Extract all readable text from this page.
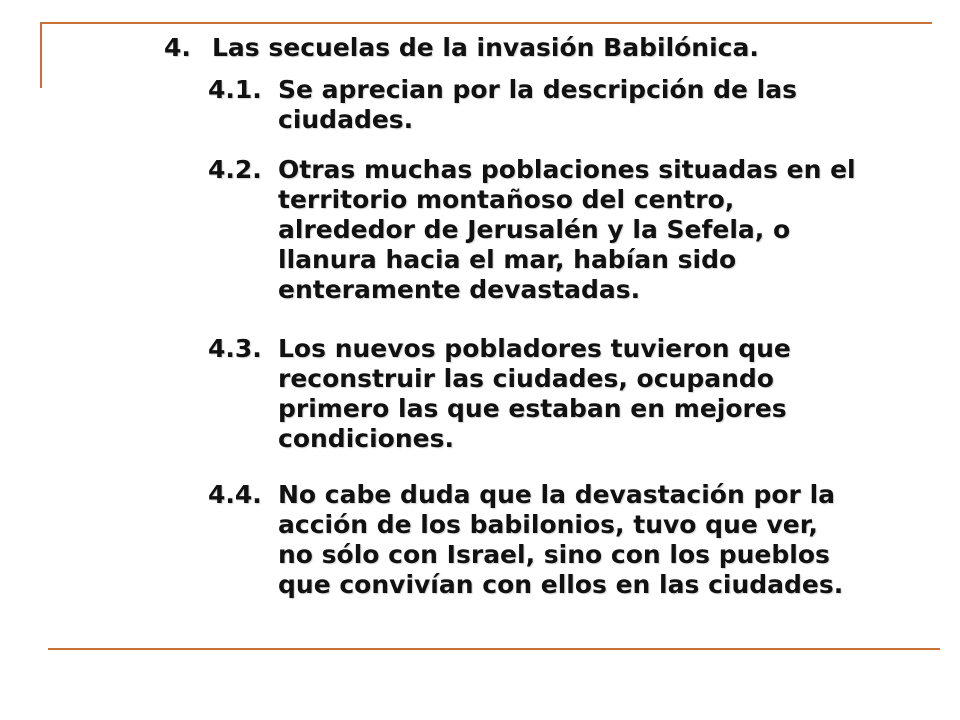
4. Las secuelas de la invasión Babilónica.
4.1. Se aprecian por la descripción de las
ciudades.
4.2. Otras muchas poblaciones situadas en el
territorio montañoso del centro,
alrededor de Jerusalén y la Sefela, o
llanura hacia el mar, habían sido
enteramente devastadas.
4.3. Los nuevos pobladores tuvieron que
reconstruir las ciudades, ocupando
primero las que estaban en mejores
condiciones.
4.4. No cabe duda que la devastación por la
acción de los babilonios, tuvo que ver,
no sólo con Israel, sino con los pueblos
que convivían con ellos en las ciudades.
